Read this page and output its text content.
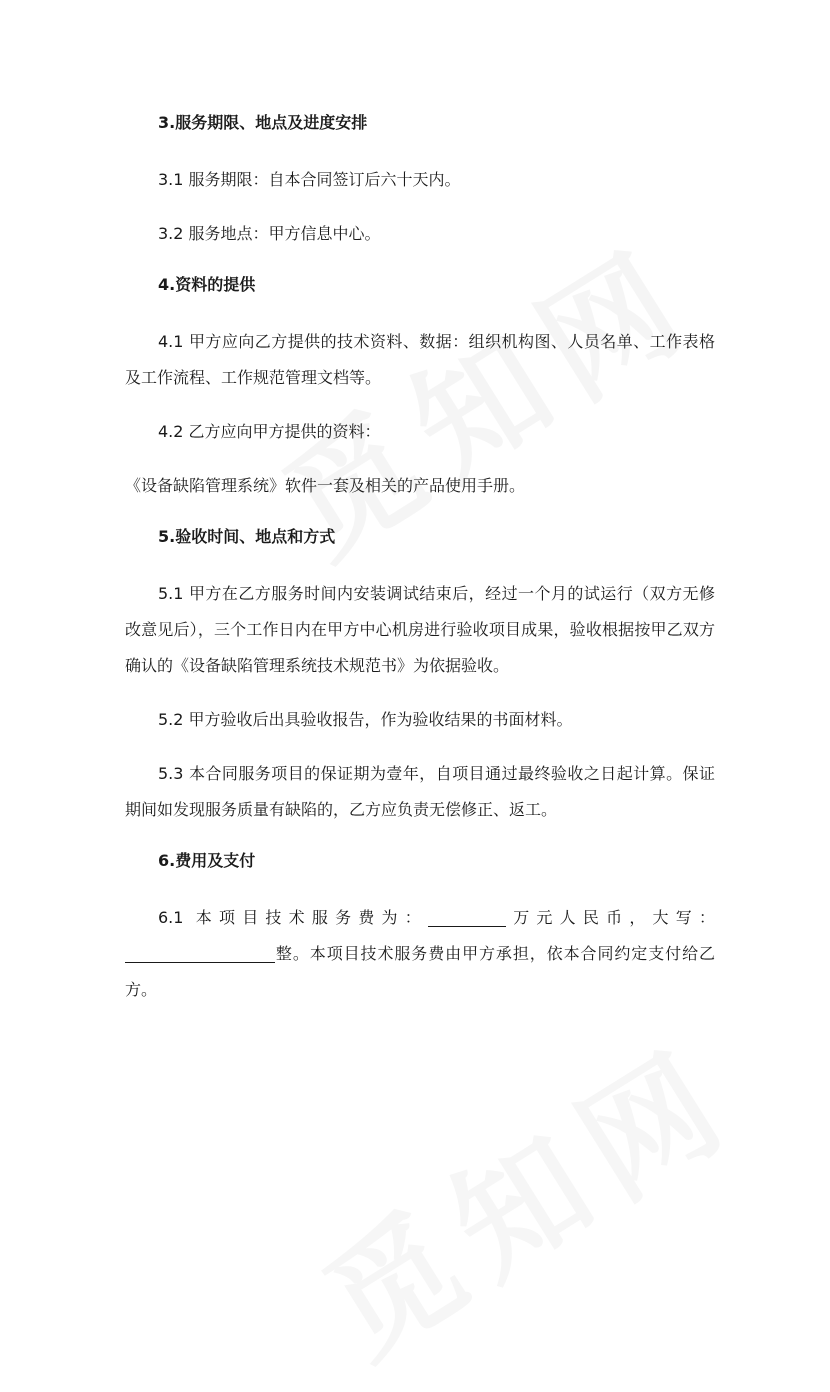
3.服务期限、地点及进度安排

3.1 服务期限：自本合同签订后六十天内。

3.2 服务地点：甲方信息中心。

4.资料的提供

4.1 甲方应向乙方提供的技术资料、数据：组织机构图、人员名单、工作表格及工作流程、工作规范管理文档等。

4.2 乙方应向甲方提供的资料：

《设备缺陷管理系统》软件一套及相关的产品使用手册。

5.验收时间、地点和方式

5.1 甲方在乙方服务时间内安装调试结束后，经过一个月的试运行（双方无修改意见后），三个工作日内在甲方中心机房进行验收项目成果，验收根据按甲乙双方确认的《设备缺陷管理系统技术规范书》为依据验收。

5.2 甲方验收后出具验收报告，作为验收结果的书面材料。

5.3 本合同服务项目的保证期为壹年，自项目通过最终验收之日起计算。保证期间如发现服务质量有缺陷的，乙方应负责无偿修正、返工。

6.费用及支付

6.1 本项目技术服务费为：	万元人民币，大写：整。本项目技术服务费由甲方承担，依本合同约定支付给乙方。
